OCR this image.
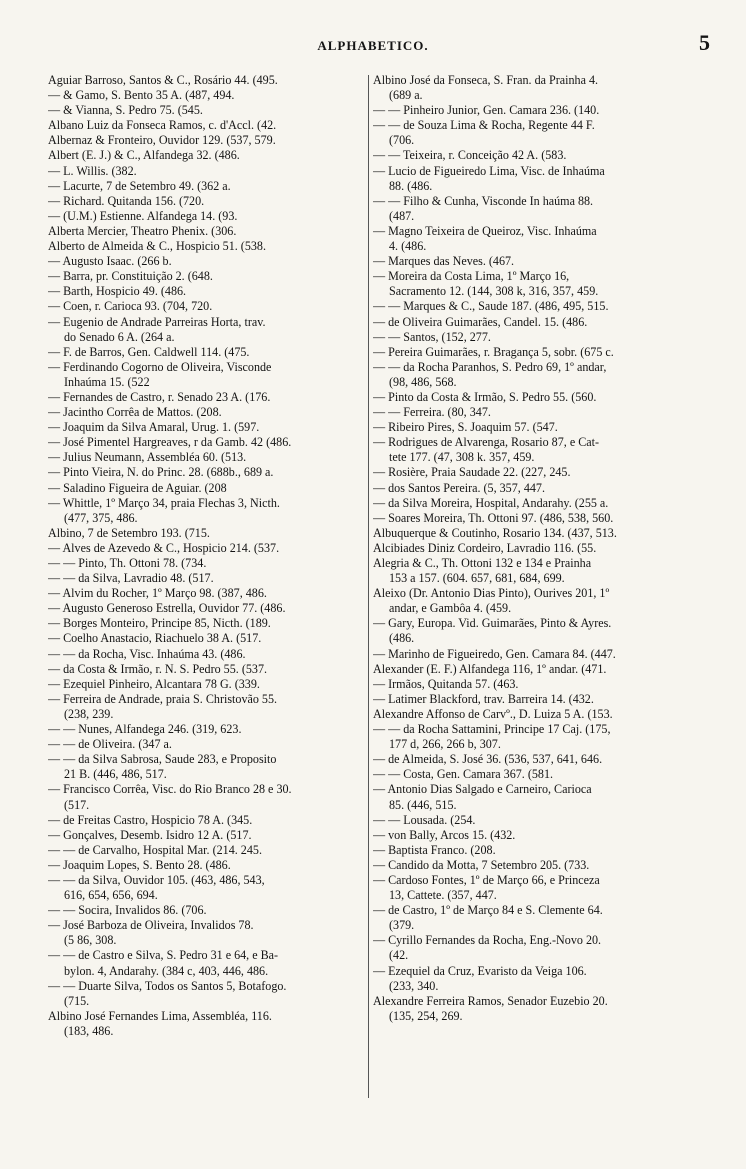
ALPHABETICO.	5
Aguiar Barroso, Santos & C., Rosário 44. (495.
— & Gamo, S. Bento 35 A. (487, 494.
— & Vianna, S. Pedro 75. (545.
Albano Luiz da Fonseca Ramos, c. d'Accl. (42.
Albernaz & Fronteiro, Ouvidor 129. (537, 579.
Albert (E. J.) & C., Alfandega 32. (486.
— L. Willis. (382.
— Lacurte, 7 de Setembro 49. (362 a.
— Richard. Quitanda 156. (720.
— (U.M.) Estienne. Alfandega 14. (93.
Alberta Mercier, Theatro Phenix. (306.
Alberto de Almeida & C., Hospicio 51. (538.
— Augusto Isaac. (266 b.
— Barra, pr. Constituição 2. (648.
— Barth, Hospicio 49. (486.
— Coen, r. Carioca 93. (704, 720.
— Eugenio de Andrade Parreiras Horta, trav.
do Senado 6 A. (264 a.
— F. de Barros, Gen. Caldwell 114. (475.
— Ferdinando Cogorno de Oliveira, Visconde
Inhaúma 15. (522
— Fernandes de Castro, r. Senado 23 A. (176.
— Jacintho Corrêa de Mattos. (208.
— Joaquim da Silva Amaral, Urug. 1. (597.
— José Pimentel Hargreaves, r da Gamb. 42 (486.
— Julius Neumann, Assembléa 60. (513.
— Pinto Vieira, N. do Princ. 28. (688b., 689 a.
— Saladino Figueira de Aguiar. (208
— Whittle, 1º Março 34, praia Flechas 3, Nicth.
(477, 375, 486.
Albino, 7 de Setembro 193. (715.
— Alves de Azevedo & C., Hospicio 214. (537.
— — Pinto, Th. Ottoni 78. (734.
— — da Silva, Lavradio 48. (517.
— Alvim du Rocher, 1º Março 98. (387, 486.
— Augusto Generoso Estrella, Ouvidor 77. (486.
— Borges Monteiro, Principe 85, Nicth. (189.
— Coelho Anastacio, Riachuelo 38 A. (517.
— — da Rocha, Visc. Inhaúma 43. (486.
— da Costa & Irmão, r. N. S. Pedro 55. (537.
— Ezequiel Pinheiro, Alcantara 78 G. (339.
— Ferreira de Andrade, praia S. Christovão 55.
(238, 239.
— — Nunes, Alfandega 246. (319, 623.
— — de Oliveira. (347 a.
— — da Silva Sabrosa, Saude 283, e Proposito
21 B. (446, 486, 517.
— Francisco Corrêa, Visc. do Rio Branco 28 e 30.
(517.
— de Freitas Castro, Hospicio 78 A. (345.
— Gonçalves, Desemb. Isidro 12 A. (517.
— — de Carvalho, Hospital Mar. (214. 245.
— Joaquim Lopes, S. Bento 28. (486.
— — da Silva, Ouvidor 105. (463, 486, 543,
616, 654, 656, 694.
— — Socira, Invalidos 86. (706.
— José Barboza de Oliveira, Invalidos 78.
(5 86, 308.
— — de Castro e Silva, S. Pedro 31 e 64, e Ba-
bylon. 4, Andarahy. (384 c, 403, 446, 486.
— — Duarte Silva, Todos os Santos 5, Botafogo.
(715.
Albino José Fernandes Lima, Assembléa, 116.
(183, 486.
Albino José da Fonseca, S. Fran. da Prainha 4.
(689 a.
— — Pinheiro Junior, Gen. Camara 236. (140.
— — de Souza Lima & Rocha, Regente 44 F.
(706.
— — Teixeira, r. Conceição 42 A. (583.
— Lucio de Figueiredo Lima, Visc. de Inhaúma
88. (486.
— — Filho & Cunha, Visconde In haúma 88.
(487.
— Magno Teixeira de Queiroz, Visc. Inhaúma
4. (486.
— Marques das Neves. (467.
— Moreira da Costa Lima, 1º Março 16,
Sacramento 12. (144, 308 k, 316, 357, 459.
— — Marques & C., Saude 187. (486, 495, 515.
— de Oliveira Guimarães, Candel. 15. (486.
— — Santos, (152, 277.
— Pereira Guimarães, r. Bragança 5, sobr. (675 c.
— — da Rocha Paranhos, S. Pedro 69, 1º andar,
(98, 486, 568.
— Pinto da Costa & Irmão, S. Pedro 55. (560.
— — Ferreira. (80, 347.
— Ribeiro Pires, S. Joaquim 57. (547.
— Rodrigues de Alvarenga, Rosario 87, e Cat-
tete 177. (47, 308 k. 357, 459.
— Rosière, Praia Saudade 22. (227, 245.
— dos Santos Pereira. (5, 357, 447.
— da Silva Moreira, Hospital, Andarahy. (255 a.
— Soares Moreira, Th. Ottoni 97. (486, 538, 560.
Albuquerque & Coutinho, Rosario 134. (437, 513.
Alcibiades Diniz Cordeiro, Lavradio 116. (55.
Alegria & C., Th. Ottoni 132 e 134 e Prainha
153 a 157. (604. 657, 681, 684, 699.
Aleixo (Dr. Antonio Dias Pinto), Ourives 201, 1º
andar, e Gambôa 4. (459.
— Gary, Europa. Vid. Guimarães, Pinto & Ayres.
(486.
— Marinho de Figueiredo, Gen. Camara 84. (447.
Alexander (E. F.) Alfandega 116, 1º andar. (471.
— Irmãos, Quitanda 57. (463.
— Latimer Blackford, trav. Barreira 14. (432.
Alexandre Affonso de Carvº., D. Luiza 5 A. (153.
— — da Rocha Sattamini, Principe 17 Caj. (175,
177 d, 266, 266 b, 307.
— de Almeida, S. José 36. (536, 537, 641, 646.
— — Costa, Gen. Camara 367. (581.
— Antonio Dias Salgado e Carneiro, Carioca
85. (446, 515.
— — Lousada. (254.
— von Bally, Arcos 15. (432.
— Baptista Franco. (208.
— Candido da Motta, 7 Setembro 205. (733.
— Cardoso Fontes, 1º de Março 66, e Princeza
13, Cattete. (357, 447.
— de Castro, 1º de Março 84 e S. Clemente 64.
(379.
— Cyrillo Fernandes da Rocha, Eng.-Novo 20.
(42.
— Ezequiel da Cruz, Evaristo da Veiga 106.
(233, 340.
Alexandre Ferreira Ramos, Senador Euzebio 20.
(135, 254, 269.
